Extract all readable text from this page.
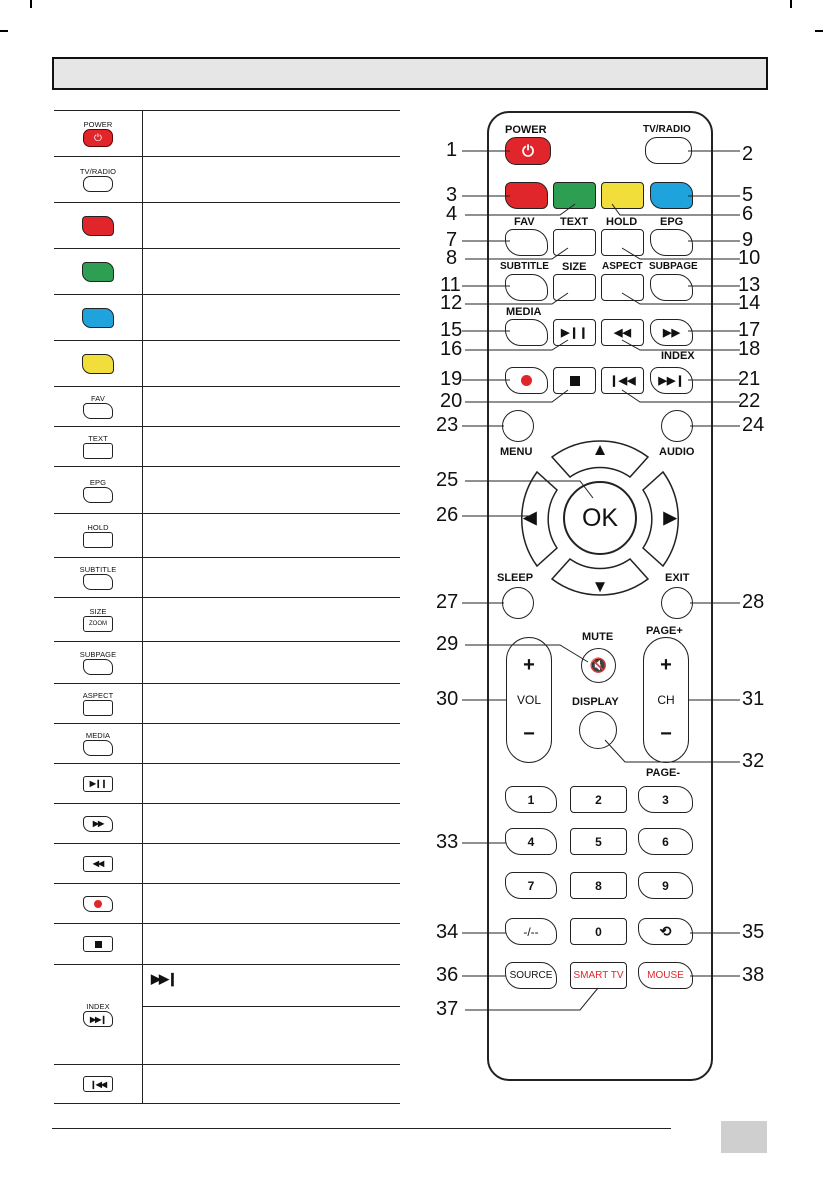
POWER
⏻
TV/RADIO
FAV
TEXT
EPG
HOLD
SUBTITLE
SIZE
ZOOM
SUBPAGE
ASPECT
MEDIA
▶❙❙
▶▶
◀◀
INDEX
▶▶❙
▶▶❙
❙◀◀
POWER	TV/RADIO
⏻
FAV TEXT HOLD EPG
SUBTITLE SIZE ASPECT SUBPAGE
MEDIA
▶❙❙	◀◀	▶▶
INDEX
❙◀◀	▶▶❙
MENU	AUDIO
▲
▼
◀	▶
OK
SLEEP	EXIT
MUTE
🔇
PAGE+
+
VOL
−
+
CH
−
DISPLAY
PAGE-
1	2	3
4	5	6
7	8	9
-/--	0	⟲
SOURCE	SMART TV	MOUSE
1	2
3
4
5
6
7
8
9
10
11
12
13
14
15
16
17
18
19
20
21
22
23	24
25
26
27	28
29
30	31
32
33
34	35
36
37
38
